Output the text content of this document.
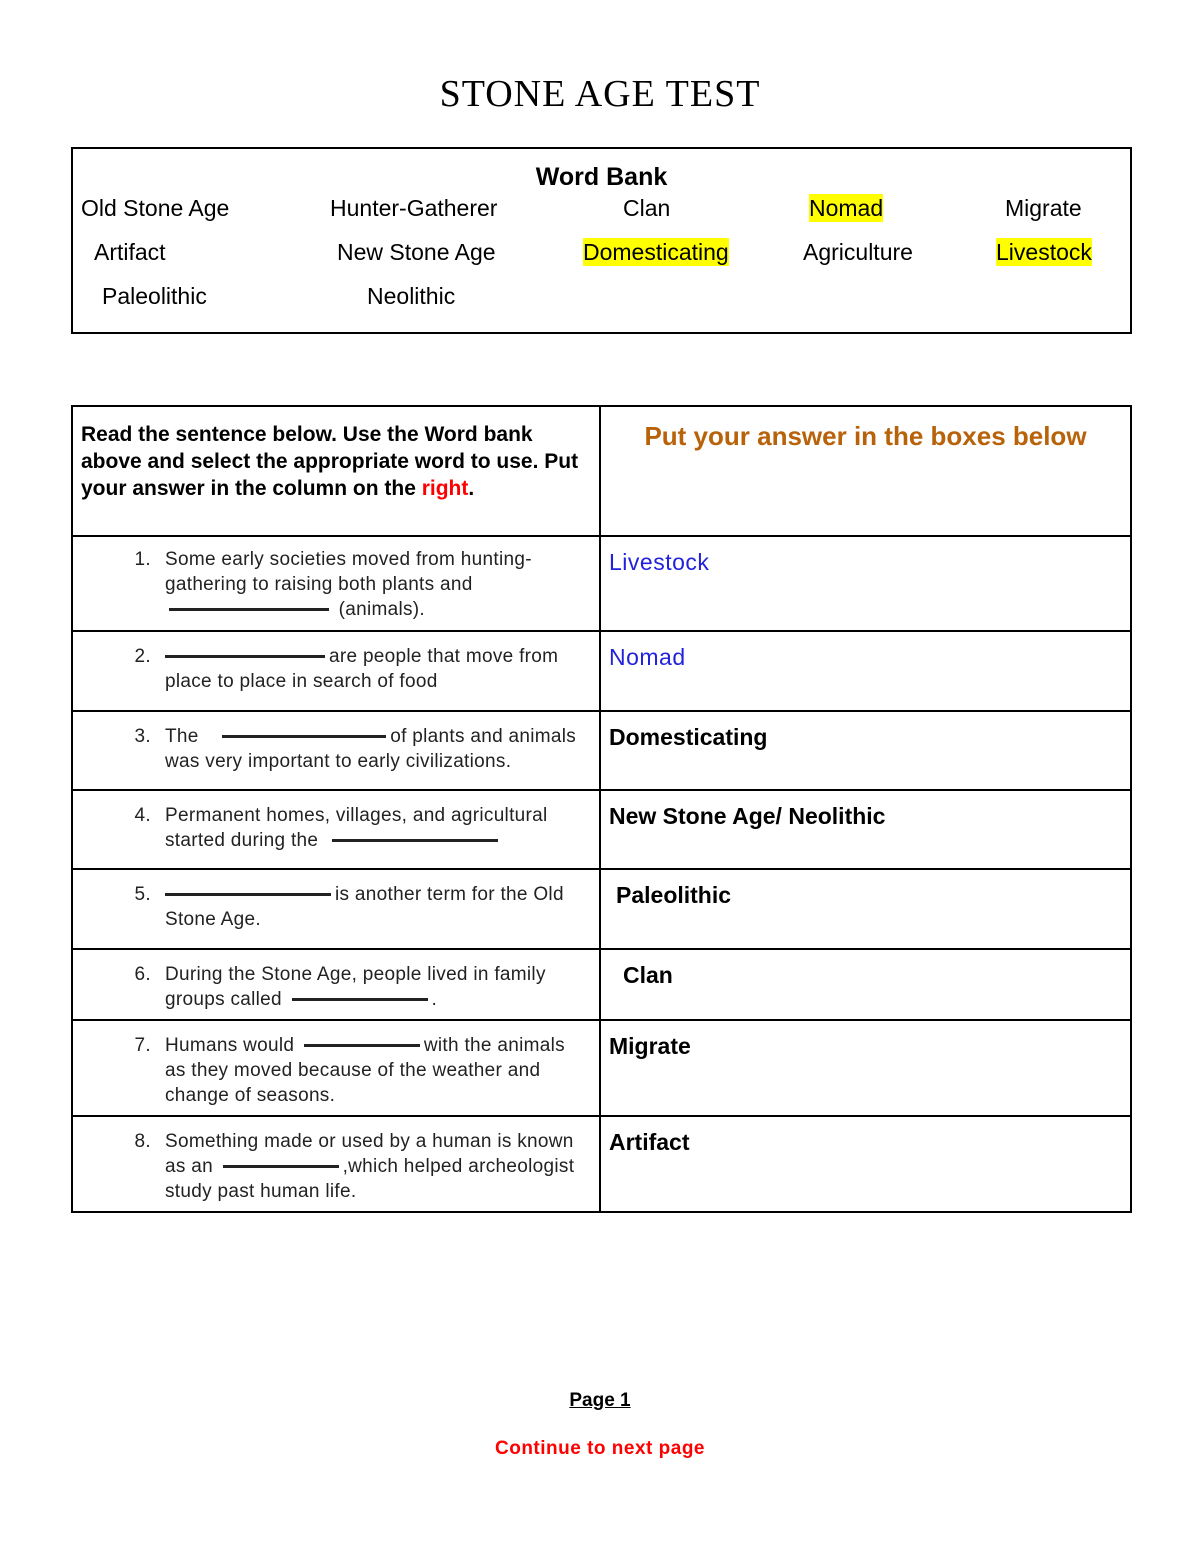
STONE AGE TEST
Word Bank
Old Stone Age	Hunter-Gatherer	Clan	Nomad	Migrate
Artifact	New Stone Age	Domesticating	Agriculture	Livestock
Paleolithic	Neolithic
Read the sentence below. Use the Word bank above and select the appropriate word to use. Put your answer in the column on the right.	Put your answer in the boxes below

1. Some early societies moved from hunting-gathering to raising both plants and  (animals).	Livestock

2. are people that move from place to place in search of food	Nomad

3. The of plants and animals was very important to early civilizations.	Domesticating

4. Permanent homes, villages, and agricultural started during the	New Stone Age/ Neolithic

5. is another term for the Old Stone Age.	Paleolithic

6. During the Stone Age, people lived in family groups called .	Clan

7. Humans would with the animals as they moved because of the weather and change of seasons.	Migrate

8. Something made or used by a human is known as an ,which helped archeologist study past human life.	Artifact
Page 1
Continue to next page
